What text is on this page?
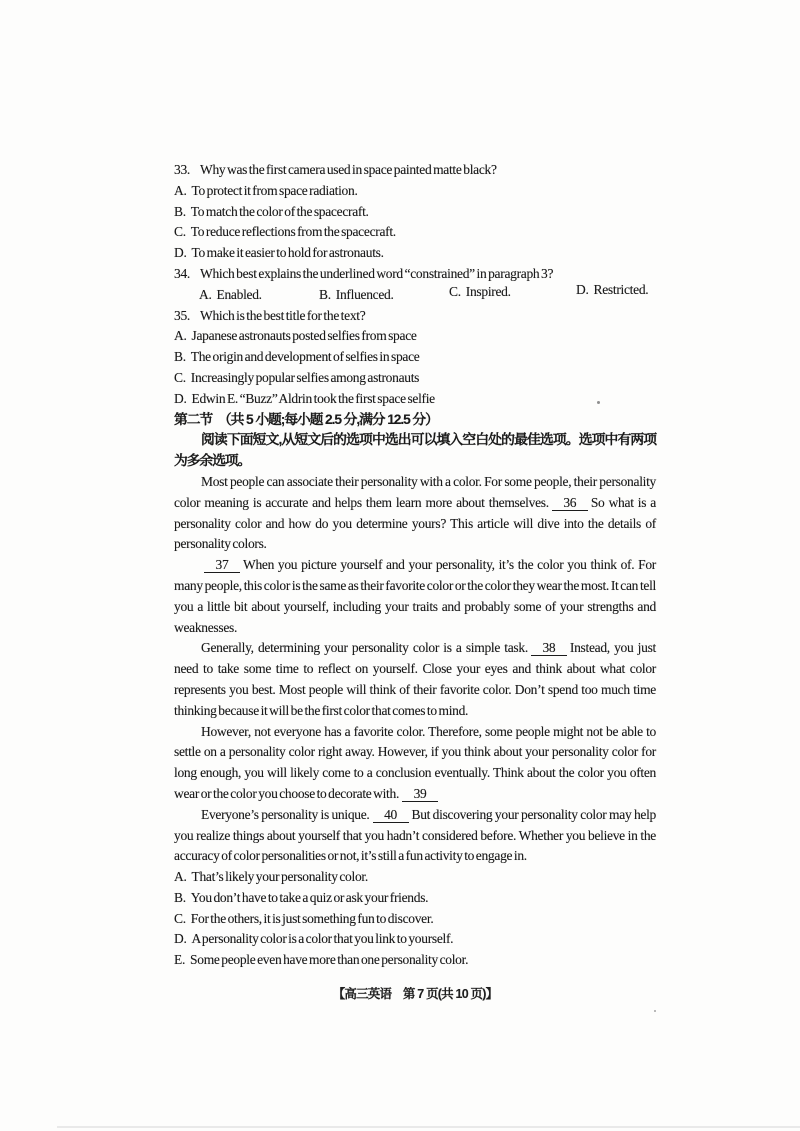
33. Why was the first camera used in space painted matte black?
A. To protect it from space radiation.
B. To match the color of the spacecraft.
C. To reduce reflections from the spacecraft.
D. To make it easier to hold for astronauts.
34. Which best explains the underlined word “constrained” in paragraph 3?
A. Enabled.	B. Influenced.	C. Inspired.	D. Restricted.
35. Which is the best title for the text?
A. Japanese astronauts posted selfies from space
B. The origin and development of selfies in space
C. Increasingly popular selfies among astronauts
D. Edwin E. “Buzz” Aldrin took the first space selfie
第二节　（共 5 小题;每小题 2.5 分,满分 12.5 分）

阅读下面短文,从短文后的选项中选出可以填入空白处的最佳选项。选项中有两项为多余选项。

Most people can associate their personality with a color. For some people, their personality color meaning is accurate and helps them learn more about themselves. 36 So what is a personality color and how do you determine yours? This article will dive into the details of personality colors.

37 When you picture yourself and your personality, it’s the color you think of. For many people, this color is the same as their favorite color or the color they wear the most. It can tell you a little bit about yourself, including your traits and probably some of your strengths and weaknesses.

Generally, determining your personality color is a simple task. 38 Instead, you just need to take some time to reflect on yourself. Close your eyes and think about what color represents you best. Most people will think of their favorite color. Don’t spend too much time thinking because it will be the first color that comes to mind.

However, not everyone has a favorite color. Therefore, some people might not be able to settle on a personality color right away. However, if you think about your personality color for long enough, you will likely come to a conclusion eventually. Think about the color you often wear or the color you choose to decorate with. 39

Everyone’s personality is unique. 40 But discovering your personality color may help you realize things about yourself that you hadn’t considered before. Whether you believe in the accuracy of color personalities or not, it’s still a fun activity to engage in.

A. That’s likely your personality color.
B. You don’t have to take a quiz or ask your friends.
C. For the others, it is just something fun to discover.
D. A personality color is a color that you link to yourself.
E. Some people even have more than one personality color.
【高三英语　第 7 页(共 10 页)】
